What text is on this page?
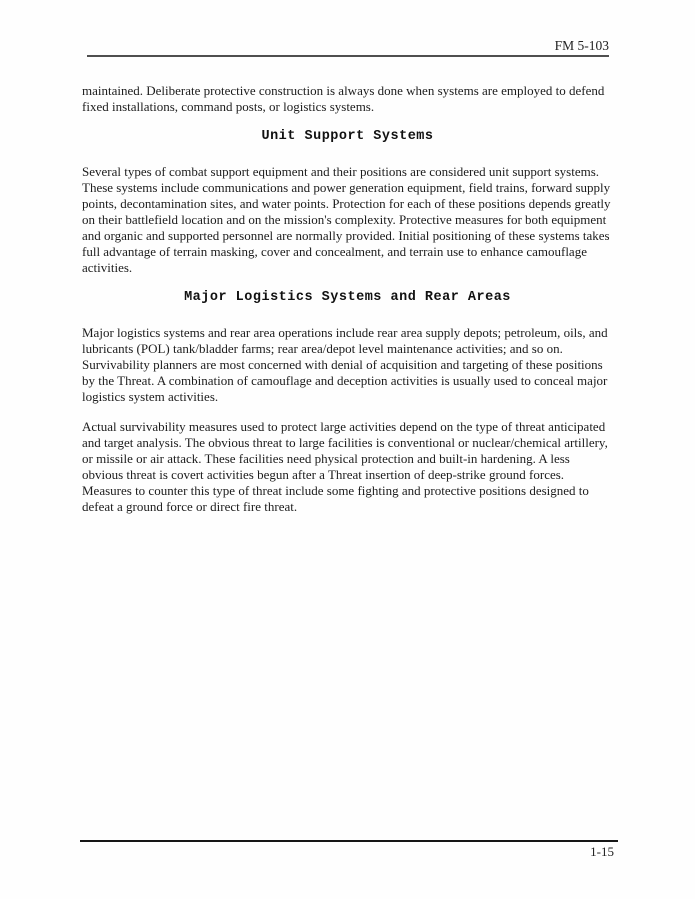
FM 5-103

maintained. Deliberate protective construction is always done when systems are employed to defend fixed installations, command posts, or logistics systems.

Unit Support Systems

Several types of combat support equipment and their positions are considered unit support systems. These systems include communications and power generation equipment, field trains, forward supply points, decontamination sites, and water points. Protection for each of these positions depends greatly on their battlefield location and on the mission's complexity. Protective measures for both equipment and organic and supported personnel are normally provided. Initial positioning of these systems takes full advantage of terrain masking, cover and concealment, and terrain use to enhance camouflage activities.

Major Logistics Systems and Rear Areas

Major logistics systems and rear area operations include rear area supply depots; petroleum, oils, and lubricants (POL) tank/bladder farms; rear area/depot level maintenance activities; and so on. Survivability planners are most concerned with denial of acquisition and targeting of these positions by the Threat. A combination of camouflage and deception activities is usually used to conceal major logistics system activities.

Actual survivability measures used to protect large activities depend on the type of threat anticipated and target analysis. The obvious threat to large facilities is conventional or nuclear/chemical artillery, or missile or air attack. These facilities need physical protection and built-in hardening. A less obvious threat is covert activities begun after a Threat insertion of deep-strike ground forces. Measures to counter this type of threat include some fighting and protective positions designed to defeat a ground force or direct fire threat.

1-15
